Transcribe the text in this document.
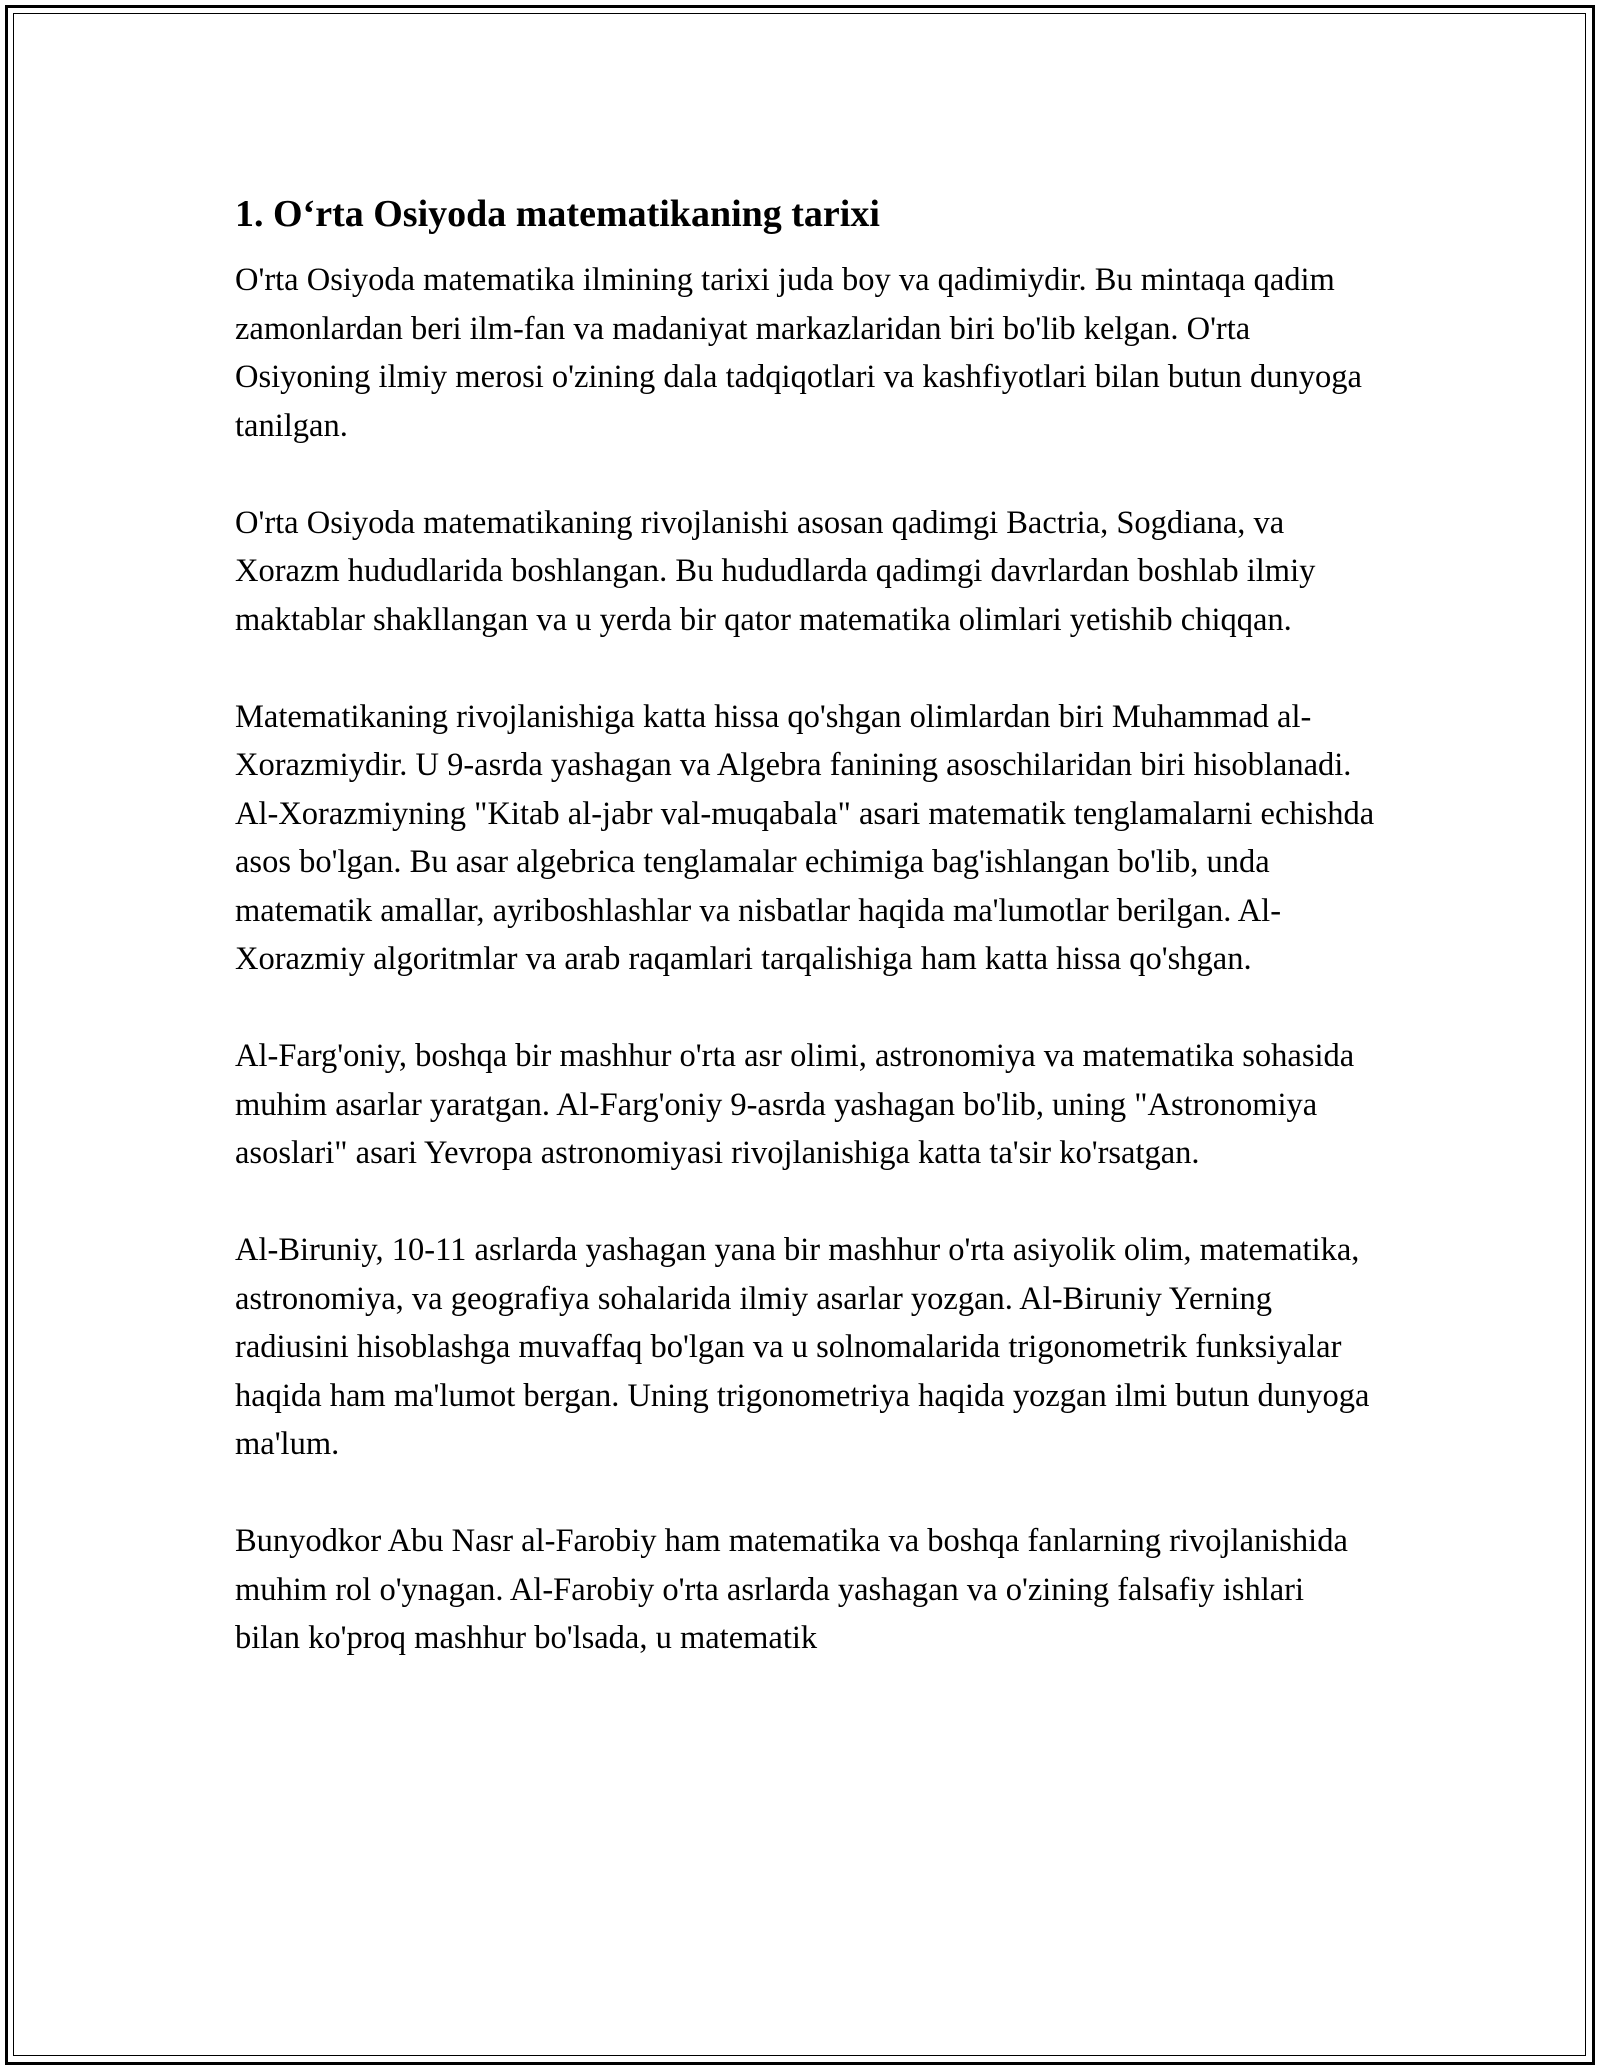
1. O‘rta Osiyoda matematikaning tarixi

O'rta Osiyoda matematika ilmining tarixi juda boy va qadimiydir. Bu mintaqa qadim zamonlardan beri ilm-fan va madaniyat markazlaridan biri bo'lib kelgan. O'rta Osiyoning ilmiy merosi o'zining dala tadqiqotlari va kashfiyotlari bilan butun dunyoga tanilgan.

O'rta Osiyoda matematikaning rivojlanishi asosan qadimgi Bactria, Sogdiana, va Xorazm hududlarida boshlangan. Bu hududlarda qadimgi davrlardan boshlab ilmiy maktablar shakllangan va u yerda bir qator matematika olimlari yetishib chiqqan.

Matematikaning rivojlanishiga katta hissa qo'shgan olimlardan biri Muhammad al-Xorazmiydir. U 9-asrda yashagan va Algebra fanining asoschilaridan biri hisoblanadi. Al-Xorazmiyning "Kitab al-jabr val-muqabala" asari matematik tenglamalarni echishda asos bo'lgan. Bu asar algebrica tenglamalar echimiga bag'ishlangan bo'lib, unda matematik amallar, ayriboshlashlar va nisbatlar haqida ma'lumotlar berilgan. Al-Xorazmiy algoritmlar va arab raqamlari tarqalishiga ham katta hissa qo'shgan.

Al-Farg'oniy, boshqa bir mashhur o'rta asr olimi, astronomiya va matematika sohasida muhim asarlar yaratgan. Al-Farg'oniy 9-asrda yashagan bo'lib, uning "Astronomiya asoslari" asari Yevropa astronomiyasi rivojlanishiga katta ta'sir ko'rsatgan.

Al-Biruniy, 10-11 asrlarda yashagan yana bir mashhur o'rta asiyolik olim, matematika, astronomiya, va geografiya sohalarida ilmiy asarlar yozgan. Al-Biruniy Yerning radiusini hisoblashga muvaffaq bo'lgan va u solnomalarida trigonometrik funksiyalar haqida ham ma'lumot bergan. Uning trigonometriya haqida yozgan ilmi butun dunyoga ma'lum.

Bunyodkor Abu Nasr al-Farobiy ham matematika va boshqa fanlarning rivojlanishida muhim rol o'ynagan. Al-Farobiy o'rta asrlarda yashagan va o'zining falsafiy ishlari bilan ko'proq mashhur bo'lsada, u matematik
